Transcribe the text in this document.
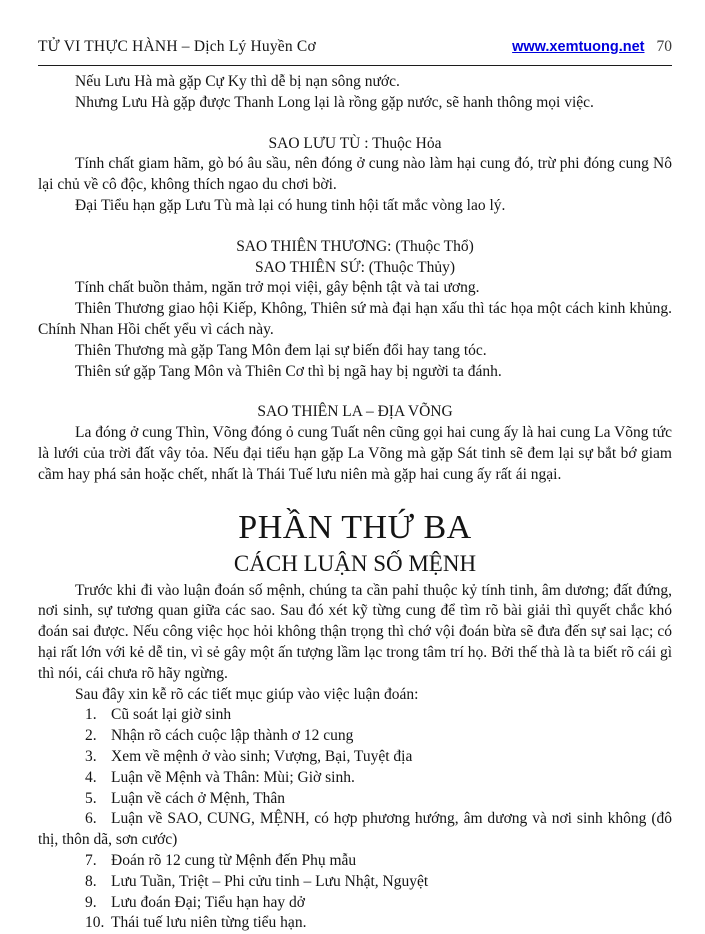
TỬ VI THỰC HÀNH – Dịch Lý Huyền Cơ	www.xemtuong.net 70

Nếu Lưu Hà mà gặp Cự Ky thì dễ bị nạn sông nước.

Nhưng Lưu Hà gặp được Thanh Long lại là rồng gặp nước, sẽ hanh thông mọi việc.

SAO LƯU TÙ : Thuộc Hỏa

Tính chất giam hãm, gò bó âu sầu, nên đóng ở cung nào làm hại cung đó, trừ phi đóng cung Nô lại chủ về cô độc, không thích ngao du chơi bời.

Đại Tiểu hạn gặp Lưu Tù mà lại có hung tinh hội tất mắc vòng lao lý.

SAO THIÊN THƯƠNG: (Thuộc Thổ)

SAO THIÊN SỨ: (Thuộc Thủy)

Tính chất buồn thảm, ngăn trở mọi việi, gây bệnh tật và tai ương.

Thiên Thương giao hội Kiếp, Không, Thiên sứ mà đại hạn xấu thì tác họa một cách kinh khủng. Chính Nhan Hồi chết yểu vì cách này.

Thiên Thương mà gặp Tang Môn đem lại sự biến đổi hay tang tóc.

Thiên sứ gặp Tang Môn và Thiên Cơ thì bị ngã hay bị người ta đánh.

SAO THIÊN LA – ĐỊA VÕNG

La đóng ở cung Thìn, Võng đóng ỏ cung Tuất nên cũng gọi hai cung ấy là hai cung La Võng tức là lưới của trời đất vây tỏa. Nếu đại tiểu hạn gặp La Võng mà gặp Sát tinh sẽ đem lại sự bắt bớ giam cầm hay phá sản hoặc chết, nhất là Thái Tuế lưu niên mà gặp hai cung ấy rất ái ngại.

PHẦN THỨ BA

CÁCH LUẬN SỐ MỆNH

Trước khi đi vào luận đoán số mệnh, chúng ta cần pahỉ thuộc kỷ tính tinh, âm dương; đất đứng, nơi sinh, sự tương quan giữa các sao. Sau đó xét kỹ từng cung để tìm rõ bài giải thì quyết chắc khó đoán sai được. Nếu công việc học hỏi không thận trọng thì chớ vội đoán bừa sẽ đưa đến sự sai lạc; có hại rất lớn với kẻ dễ tin, vì sẻ gây một ấn tượng lầm lạc trong tâm trí họ. Bởi thế thà là ta biết rõ cái gì thì nói, cái chưa rõ hãy ngừng.

Sau đây xin kễ rõ các tiết mục giúp vào việc luận đoán:

1. Cũ soát lại giờ sinh

2. Nhận rõ cách cuộc lập thành ơ 12 cung

3. Xem về mệnh ở vào sinh; Vượng, Bại, Tuyệt địa

4. Luận về Mệnh và Thân: Mùi; Giờ sinh.

5. Luận về cách ở Mệnh, Thân

6. Luận về SAO, CUNG, MỆNH, có hợp phương hướng, âm dương và nơi sinh không (đô thị, thôn dã, sơn cước)

7. Đoán rõ 12 cung từ Mệnh đến Phụ mẫu

8. Lưu Tuần, Triệt – Phi cửu tinh – Lưu Nhật, Nguyệt

9. Lưu đoán Đại; Tiểu hạn hay dở

10. Thái tuế lưu niên từng tiểu hạn.
